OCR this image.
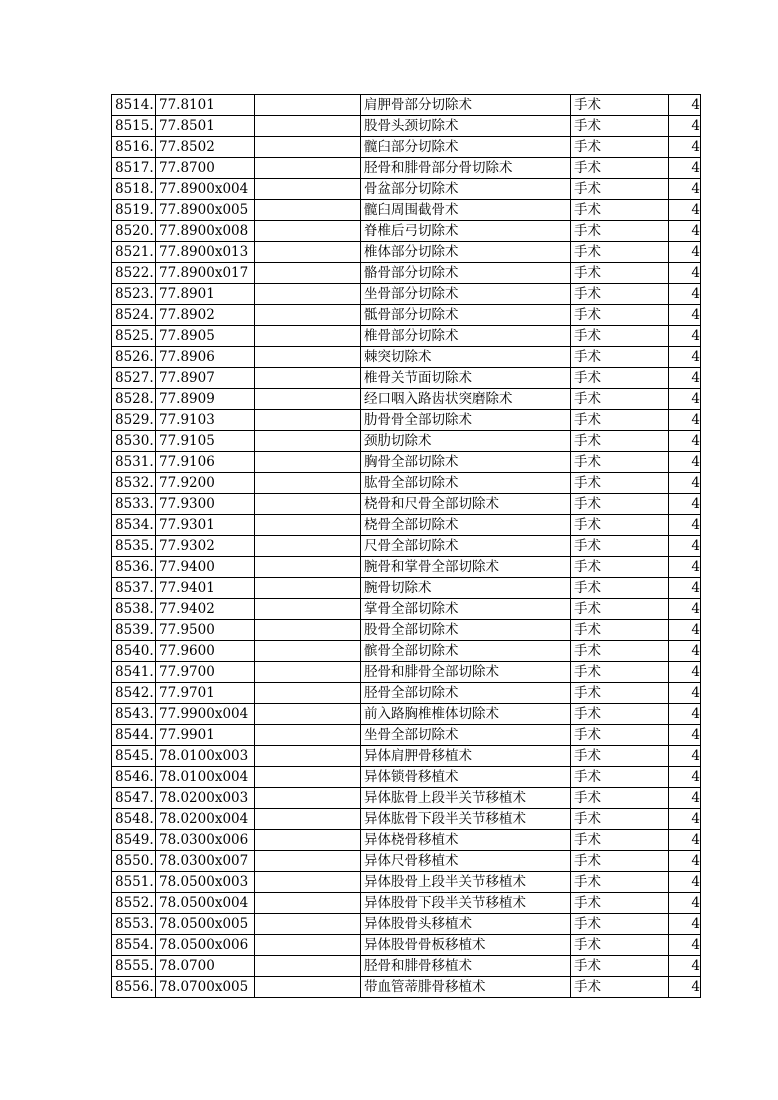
8514.	77.8101		肩胛骨部分切除术	手术	4
8515.	77.8501		股骨头颈切除术	手术	4
8516.	77.8502		髋臼部分切除术	手术	4
8517.	77.8700		胫骨和腓骨部分骨切除术	手术	4
8518.	77.8900x004		骨盆部分切除术	手术	4
8519.	77.8900x005		髋臼周围截骨术	手术	4
8520.	77.8900x008		脊椎后弓切除术	手术	4
8521.	77.8900x013		椎体部分切除术	手术	4
8522.	77.8900x017		骼骨部分切除术	手术	4
8523.	77.8901		坐骨部分切除术	手术	4
8524.	77.8902		骶骨部分切除术	手术	4
8525.	77.8905		椎骨部分切除术	手术	4
8526.	77.8906		棘突切除术	手术	4
8527.	77.8907		椎骨关节面切除术	手术	4
8528.	77.8909		经口咽入路齿状突磨除术	手术	4
8529.	77.9103		肋骨骨全部切除术	手术	4
8530.	77.9105		颈肋切除术	手术	4
8531.	77.9106		胸骨全部切除术	手术	4
8532.	77.9200		肱骨全部切除术	手术	4
8533.	77.9300		桡骨和尺骨全部切除术	手术	4
8534.	77.9301		桡骨全部切除术	手术	4
8535.	77.9302		尺骨全部切除术	手术	4
8536.	77.9400		腕骨和掌骨全部切除术	手术	4
8537.	77.9401		腕骨切除术	手术	4
8538.	77.9402		掌骨全部切除术	手术	4
8539.	77.9500		股骨全部切除术	手术	4
8540.	77.9600		髌骨全部切除术	手术	4
8541.	77.9700		胫骨和腓骨全部切除术	手术	4
8542.	77.9701		胫骨全部切除术	手术	4
8543.	77.9900x004		前入路胸椎椎体切除术	手术	4
8544.	77.9901		坐骨全部切除术	手术	4
8545.	78.0100x003		异体肩胛骨移植术	手术	4
8546.	78.0100x004		异体锁骨移植术	手术	4
8547.	78.0200x003		异体肱骨上段半关节移植术	手术	4
8548.	78.0200x004		异体肱骨下段半关节移植术	手术	4
8549.	78.0300x006		异体桡骨移植术	手术	4
8550.	78.0300x007		异体尺骨移植术	手术	4
8551.	78.0500x003		异体股骨上段半关节移植术	手术	4
8552.	78.0500x004		异体股骨下段半关节移植术	手术	4
8553.	78.0500x005		异体股骨头移植术	手术	4
8554.	78.0500x006		异体股骨骨板移植术	手术	4
8555.	78.0700		胫骨和腓骨移植术	手术	4
8556.	78.0700x005		带血管蒂腓骨移植术	手术	4
